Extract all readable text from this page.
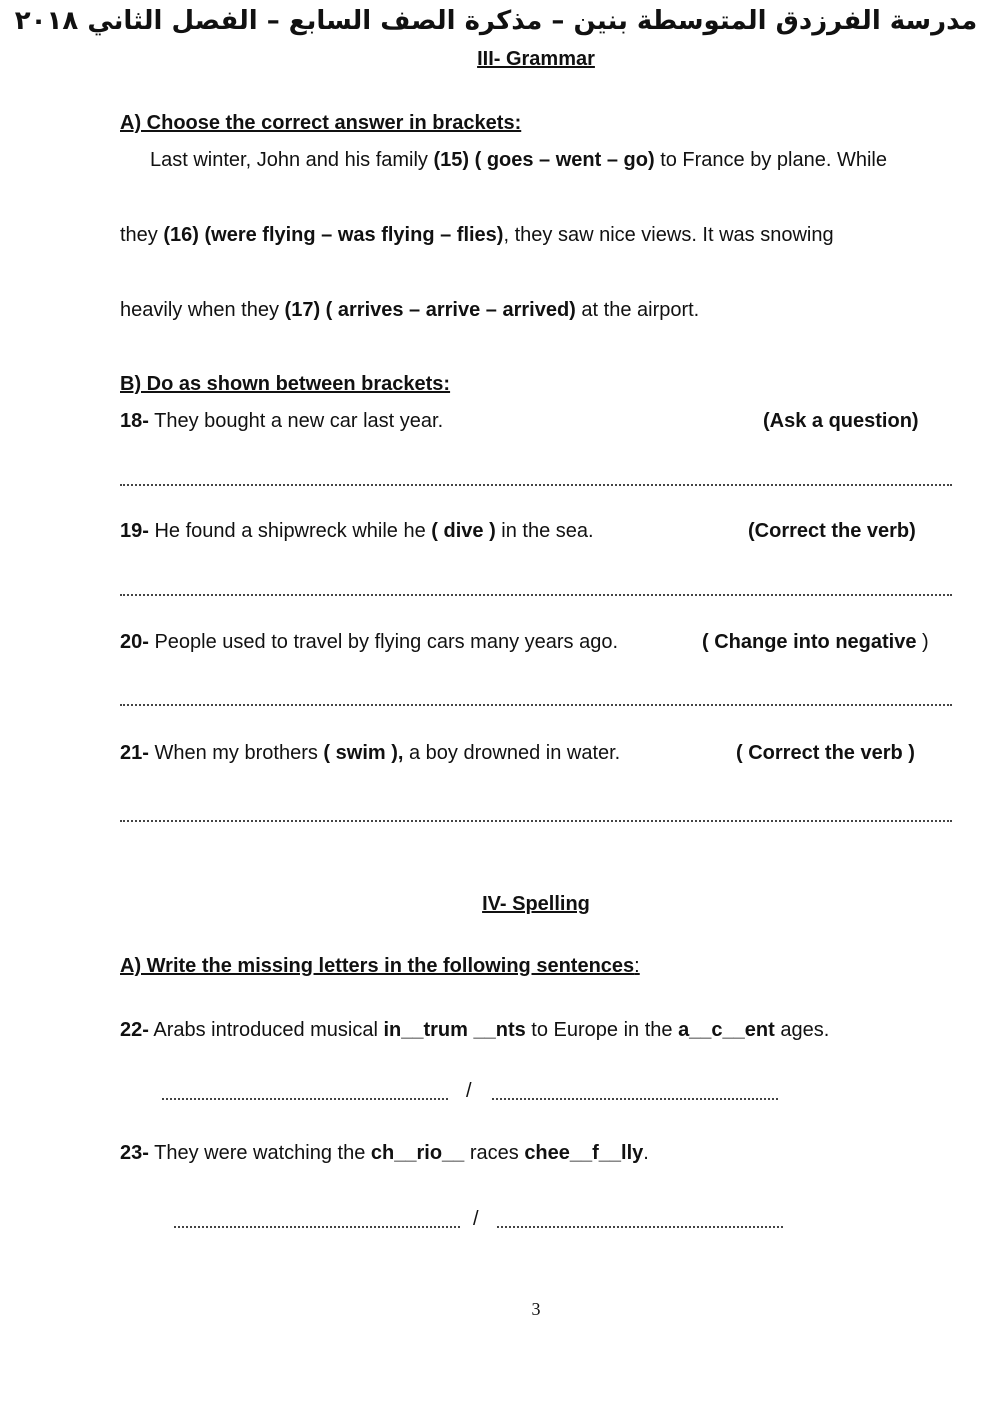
مدرسة الفرزدق المتوسطة بنين – مذكرة الصف السابع – الفصل الثاني ٢٠١٨
III- Grammar
A) Choose the correct answer in brackets:
Last winter, John and his family (15) ( goes – went – go) to France by plane. While
they (16) (were flying – was flying – flies), they saw nice views. It was snowing
heavily when they (17) ( arrives – arrive – arrived) at the airport.
B) Do as shown between brackets:
18- They bought a new car last year.	(Ask a question)
19- He found a shipwreck while he ( dive ) in the sea.	(Correct the verb)
20- People used to travel by flying cars many years ago.	( Change into negative )
21- When my brothers ( swim ), a boy drowned in water.	( Correct the verb )
IV- Spelling
A) Write the missing letters in the following sentences:
22- Arabs introduced musical in__trum __nts to Europe in the a__c__ent ages.
/
23- They were watching the ch__rio__ races chee__f__lly.
/
3
